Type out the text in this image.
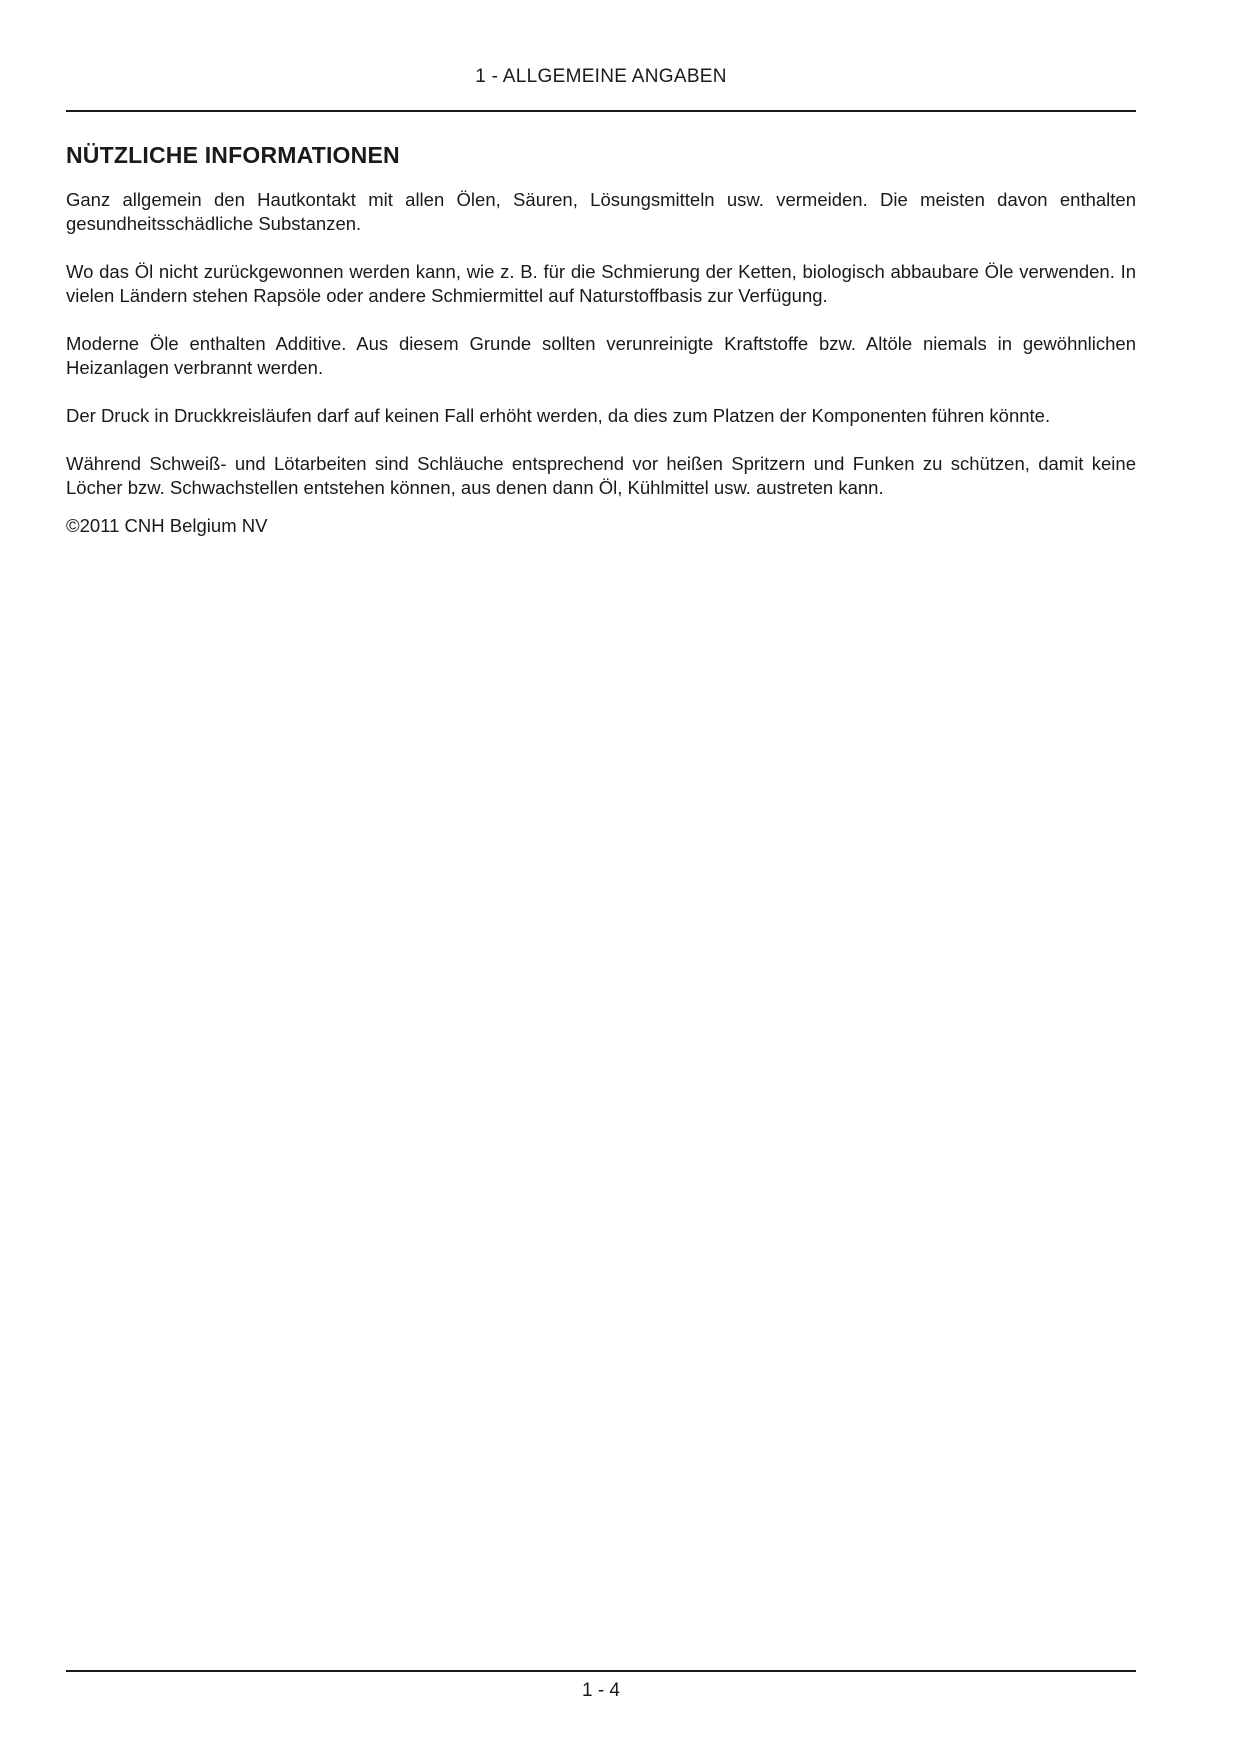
1 - ALLGEMEINE ANGABEN
NÜTZLICHE INFORMATIONEN

Ganz allgemein den Hautkontakt mit allen Ölen, Säuren, Lösungsmitteln usw. vermeiden. Die meisten davon enthalten gesundheitsschädliche Substanzen.

Wo das Öl nicht zurückgewonnen werden kann, wie z. B. für die Schmierung der Ketten, biologisch abbaubare Öle verwenden. In vielen Ländern stehen Rapsöle oder andere Schmiermittel auf Naturstoffbasis zur Verfügung.

Moderne Öle enthalten Additive. Aus diesem Grunde sollten verunreinigte Kraftstoffe bzw. Altöle niemals in gewöhnlichen Heizanlagen verbrannt werden.

Der Druck in Druckkreisläufen darf auf keinen Fall erhöht werden, da dies zum Platzen der Komponenten führen könnte.

Während Schweiß- und Lötarbeiten sind Schläuche entsprechend vor heißen Spritzern und Funken zu schützen, damit keine Löcher bzw. Schwachstellen entstehen können, aus denen dann Öl, Kühlmittel usw. austreten kann.

©2011 CNH Belgium NV

1 - 4
